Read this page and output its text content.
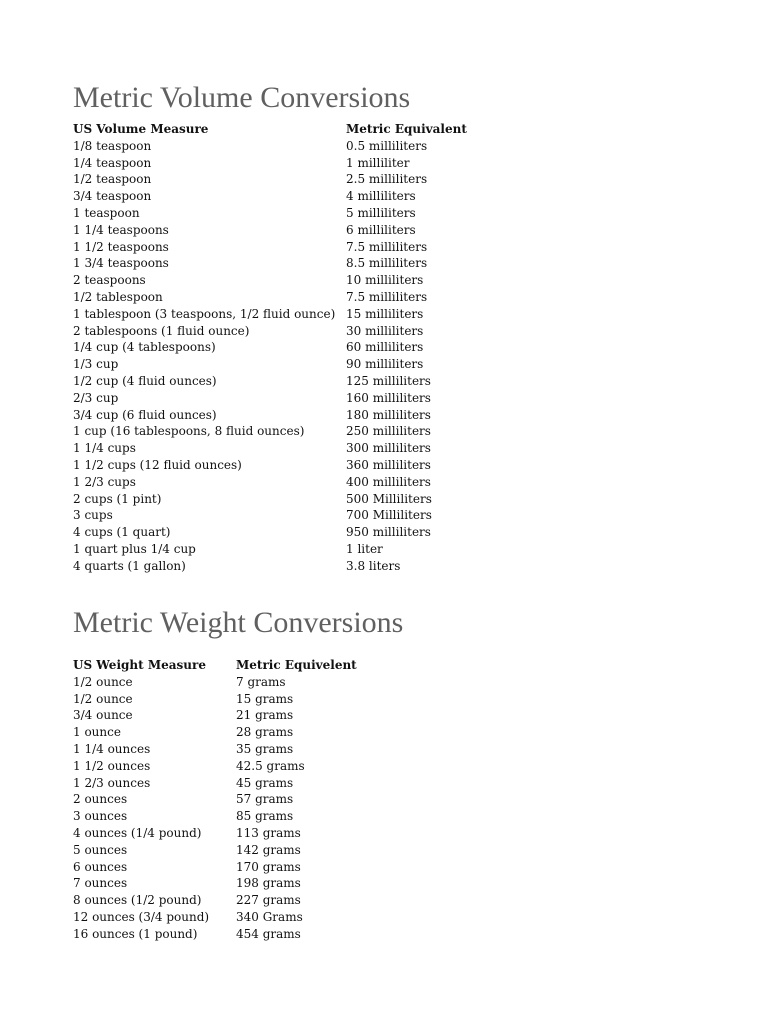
Metric Volume Conversions
US Volume Measure	Metric Equivalent
1/8 teaspoon	0.5 milliliters
1/4 teaspoon	1 milliliter
1/2 teaspoon	2.5 milliliters
3/4 teaspoon	4 milliliters
1 teaspoon	5 milliliters
1 1/4 teaspoons	6 milliliters
1 1/2 teaspoons	7.5 milliliters
1 3/4 teaspoons	8.5 milliliters
2 teaspoons	10 milliliters
1/2 tablespoon	7.5 milliliters
1 tablespoon (3 teaspoons, 1/2 fluid ounce) 15 milliliters
2 tablespoons (1 fluid ounce)	30 milliliters
1/4 cup (4 tablespoons)	60 milliliters
1/3 cup	90 milliliters
1/2 cup (4 fluid ounces)	125 milliliters
2/3 cup	160 milliliters
3/4 cup (6 fluid ounces)	180 milliliters
1 cup (16 tablespoons, 8 fluid ounces)	250 milliliters
1 1/4 cups	300 milliliters
1 1/2 cups (12 fluid ounces)	360 milliliters
1 2/3 cups	400 milliliters
2 cups (1 pint)	500 Milliliters
3 cups	700 Milliliters
4 cups (1 quart)	950 milliliters
1 quart plus 1/4 cup	1 liter
4 quarts (1 gallon)	3.8 liters
Metric Weight Conversions
US Weight Measure	Metric Equivelent
1/2 ounce	7 grams
1/2 ounce	15 grams
3/4 ounce	21 grams
1 ounce	28 grams
1 1/4 ounces	35 grams
1 1/2 ounces	42.5 grams
1 2/3 ounces	45 grams
2 ounces	57 grams
3 ounces	85 grams
4 ounces (1/4 pound)	113 grams
5 ounces	142 grams
6 ounces	170 grams
7 ounces	198 grams
8 ounces (1/2 pound)	227 grams
12 ounces (3/4 pound)	340 Grams
16 ounces (1 pound)	454 grams
